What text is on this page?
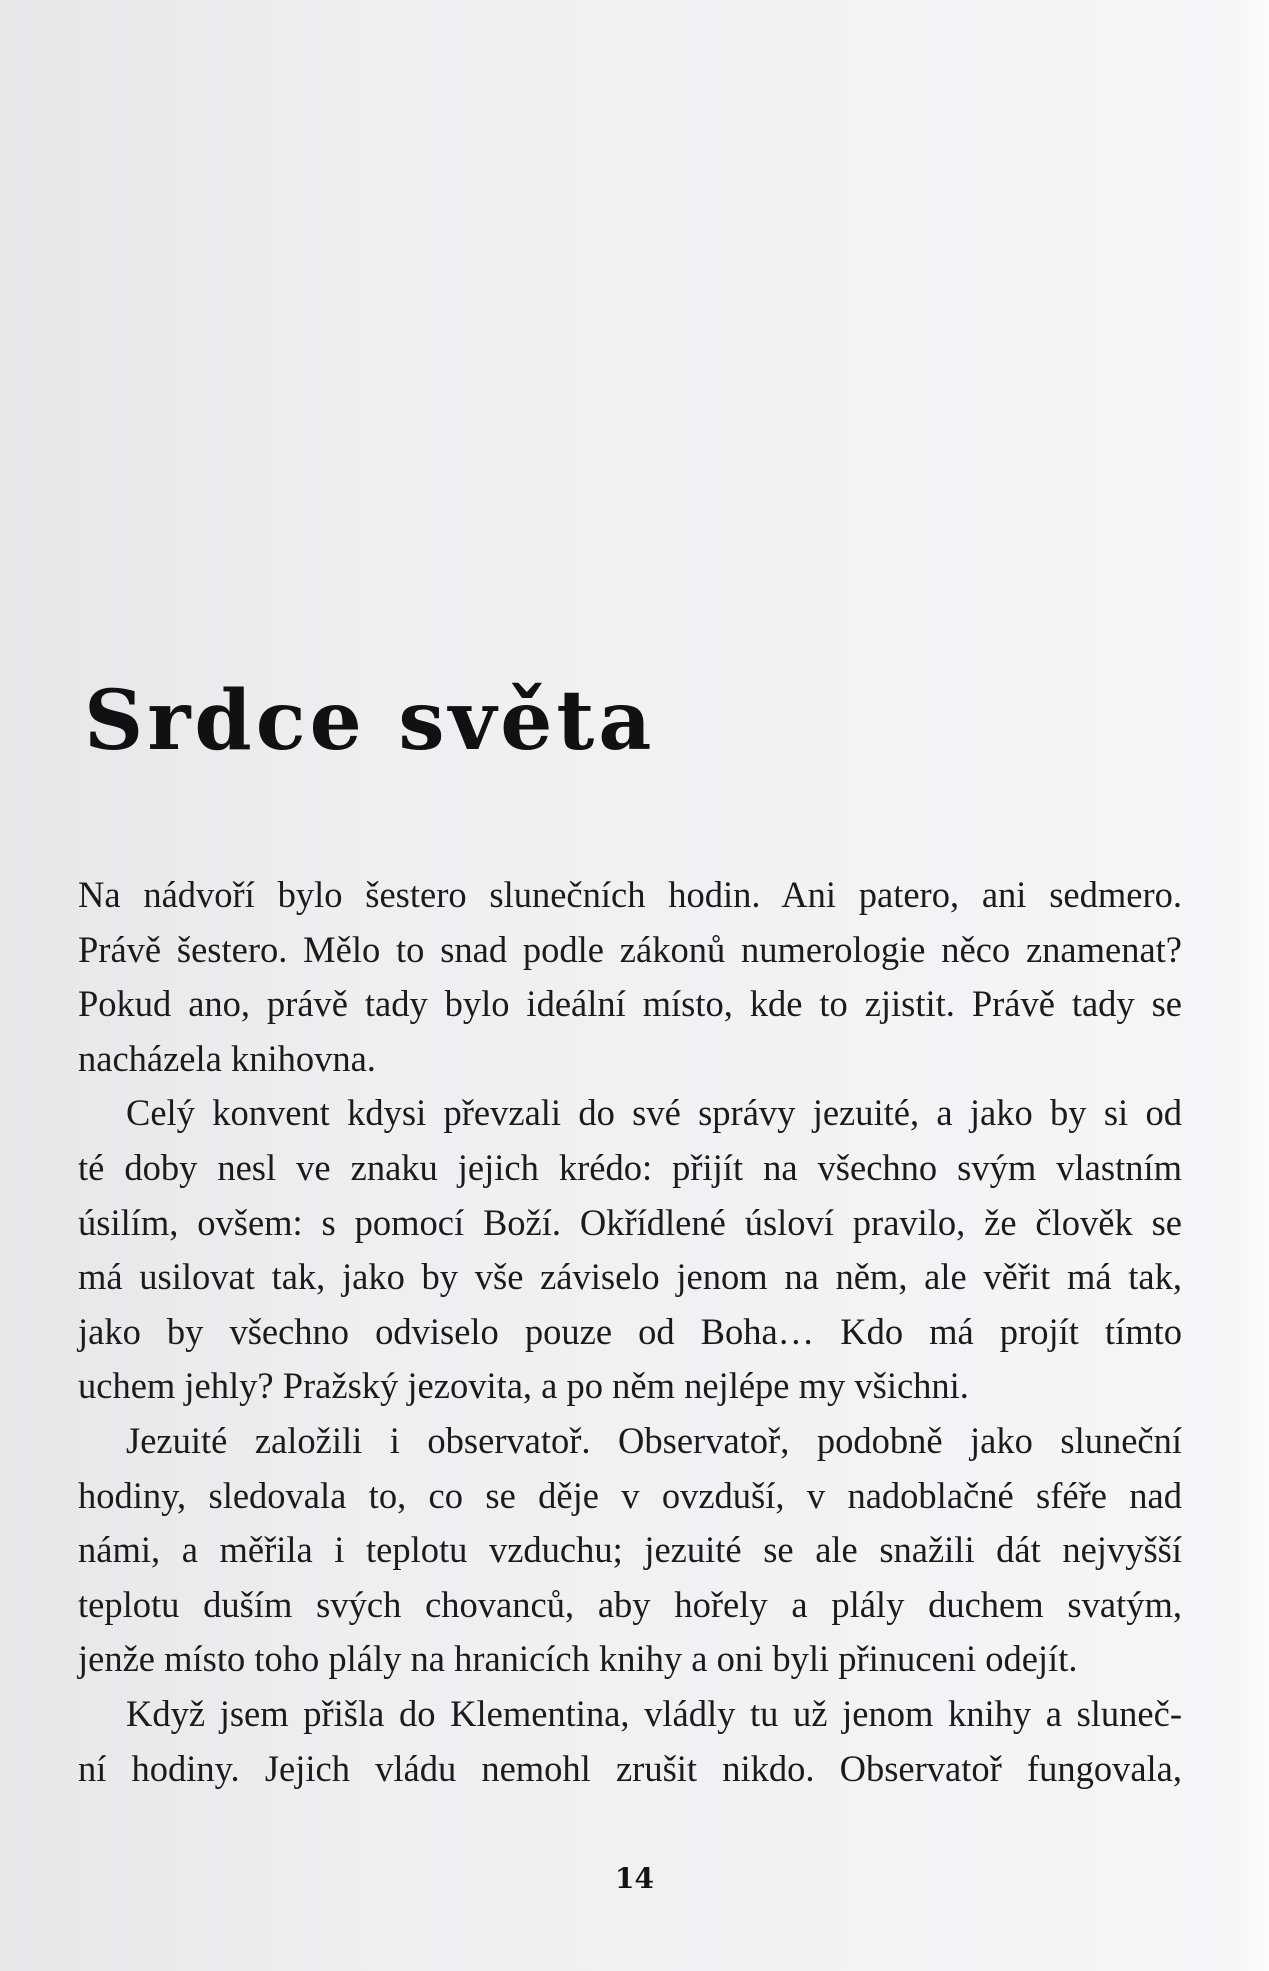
Srdce světa
Na nádvoří bylo šestero slunečních hodin. Ani patero, ani sedmero.
Právě šestero. Mělo to snad podle zákonů numerologie něco znamenat?
Pokud ano, právě tady bylo ideální místo, kde to zjistit. Právě tady se
nacházela knihovna.
Celý konvent kdysi převzali do své správy jezuité, a jako by si od
té doby nesl ve znaku jejich krédo: přijít na všechno svým vlastním
úsilím, ovšem: s pomocí Boží. Okřídlené úsloví pravilo, že člověk se
má usilovat tak, jako by vše záviselo jenom na něm, ale věřit má tak,
jako by všechno odviselo pouze od Boha… Kdo má projít tímto
uchem jehly? Pražský jezovita, a po něm nejlépe my všichni.
Jezuité založili i observatoř. Observatoř, podobně jako sluneční
hodiny, sledovala to, co se děje v ovzduší, v nadoblačné sféře nad
námi, a měřila i teplotu vzduchu; jezuité se ale snažili dát nejvyšší
teplotu duším svých chovanců, aby hořely a plály duchem svatým,
jenže místo toho plály na hranicích knihy a oni byli přinuceni odejít.
Když jsem přišla do Klementina, vládly tu už jenom knihy a sluneč-
ní hodiny. Jejich vládu nemohl zrušit nikdo. Observatoř fungovala,
14
